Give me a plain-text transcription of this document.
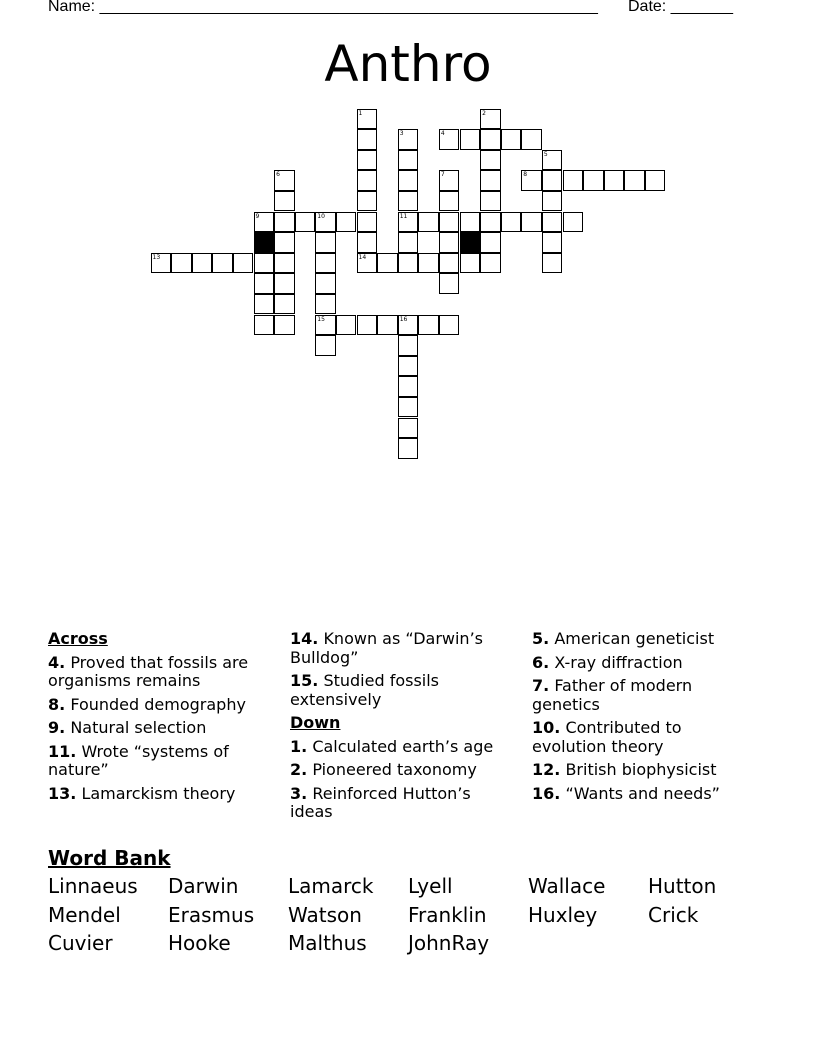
Name: ________________________________________________________ Date: _______
Anthro
4
8
9	10	11
13	14
15	16
1	2
3
5
6	7
Across
4. Proved that fossils are organisms remains
8. Founded demography
9. Natural selection
11. Wrote “systems of nature”
13. Lamarckism theory
14. Known as “Darwin’s Bulldog”
15. Studied fossils extensively
Down
1. Calculated earth’s age
2. Pioneered taxonomy
3. Reinforced Hutton’s ideas
5. American geneticist
6. X-ray diffraction
7. Father of modern genetics
10. Contributed to evolution theory
12. British biophysicist
16. “Wants and needs”
Word Bank
Linnaeus Darwin Lamarck Lyell	Wallace Hutton
Mendel Erasmus Watson Franklin Huxley	Crick
Cuvier	Hooke	Malthus JohnRay
